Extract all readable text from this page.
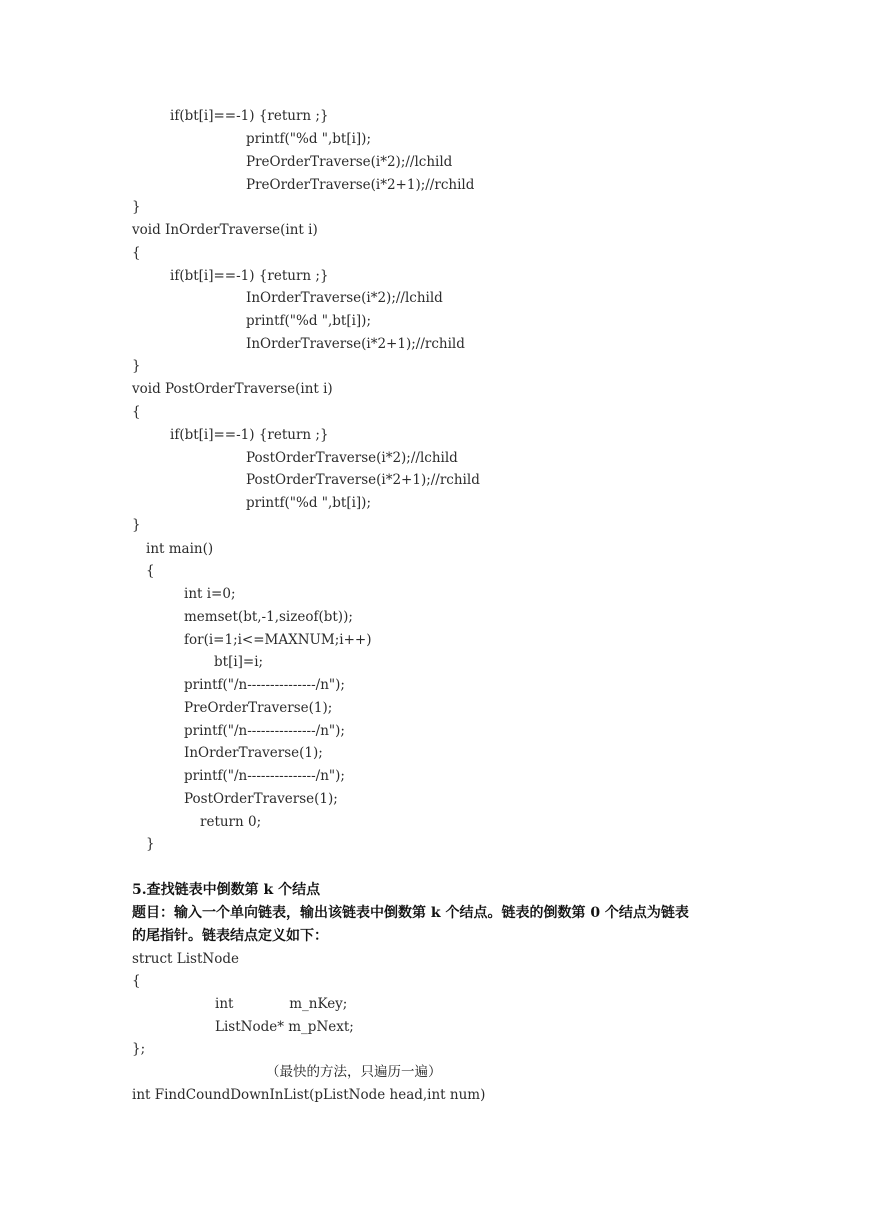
if(bt[i]==-1) {return ;}
printf("%d ",bt[i]);
PreOrderTraverse(i*2);//lchild
PreOrderTraverse(i*2+1);//rchild
}
void InOrderTraverse(int i)
{
if(bt[i]==-1) {return ;}
InOrderTraverse(i*2);//lchild
printf("%d ",bt[i]);
InOrderTraverse(i*2+1);//rchild
}
void PostOrderTraverse(int i)
{
if(bt[i]==-1) {return ;}
PostOrderTraverse(i*2);//lchild
PostOrderTraverse(i*2+1);//rchild
printf("%d ",bt[i]);
}
int main()
{
int i=0;
memset(bt,-1,sizeof(bt));
for(i=1;i<=MAXNUM;i++)
bt[i]=i;
printf("/n---------------/n");
PreOrderTraverse(1);
printf("/n---------------/n");
InOrderTraverse(1);
printf("/n---------------/n");
PostOrderTraverse(1);
return 0;
}
5.查找链表中倒数第 k 个结点
题目：输入一个单向链表，输出该链表中倒数第 k 个结点。链表的倒数第 0 个结点为链表
的尾指针。链表结点定义如下：
struct ListNode
{
int             m_nKey;
ListNode* m_pNext;
};
（最快的方法，只遍历一遍）
int FindCoundDownInList(pListNode head,int num)
